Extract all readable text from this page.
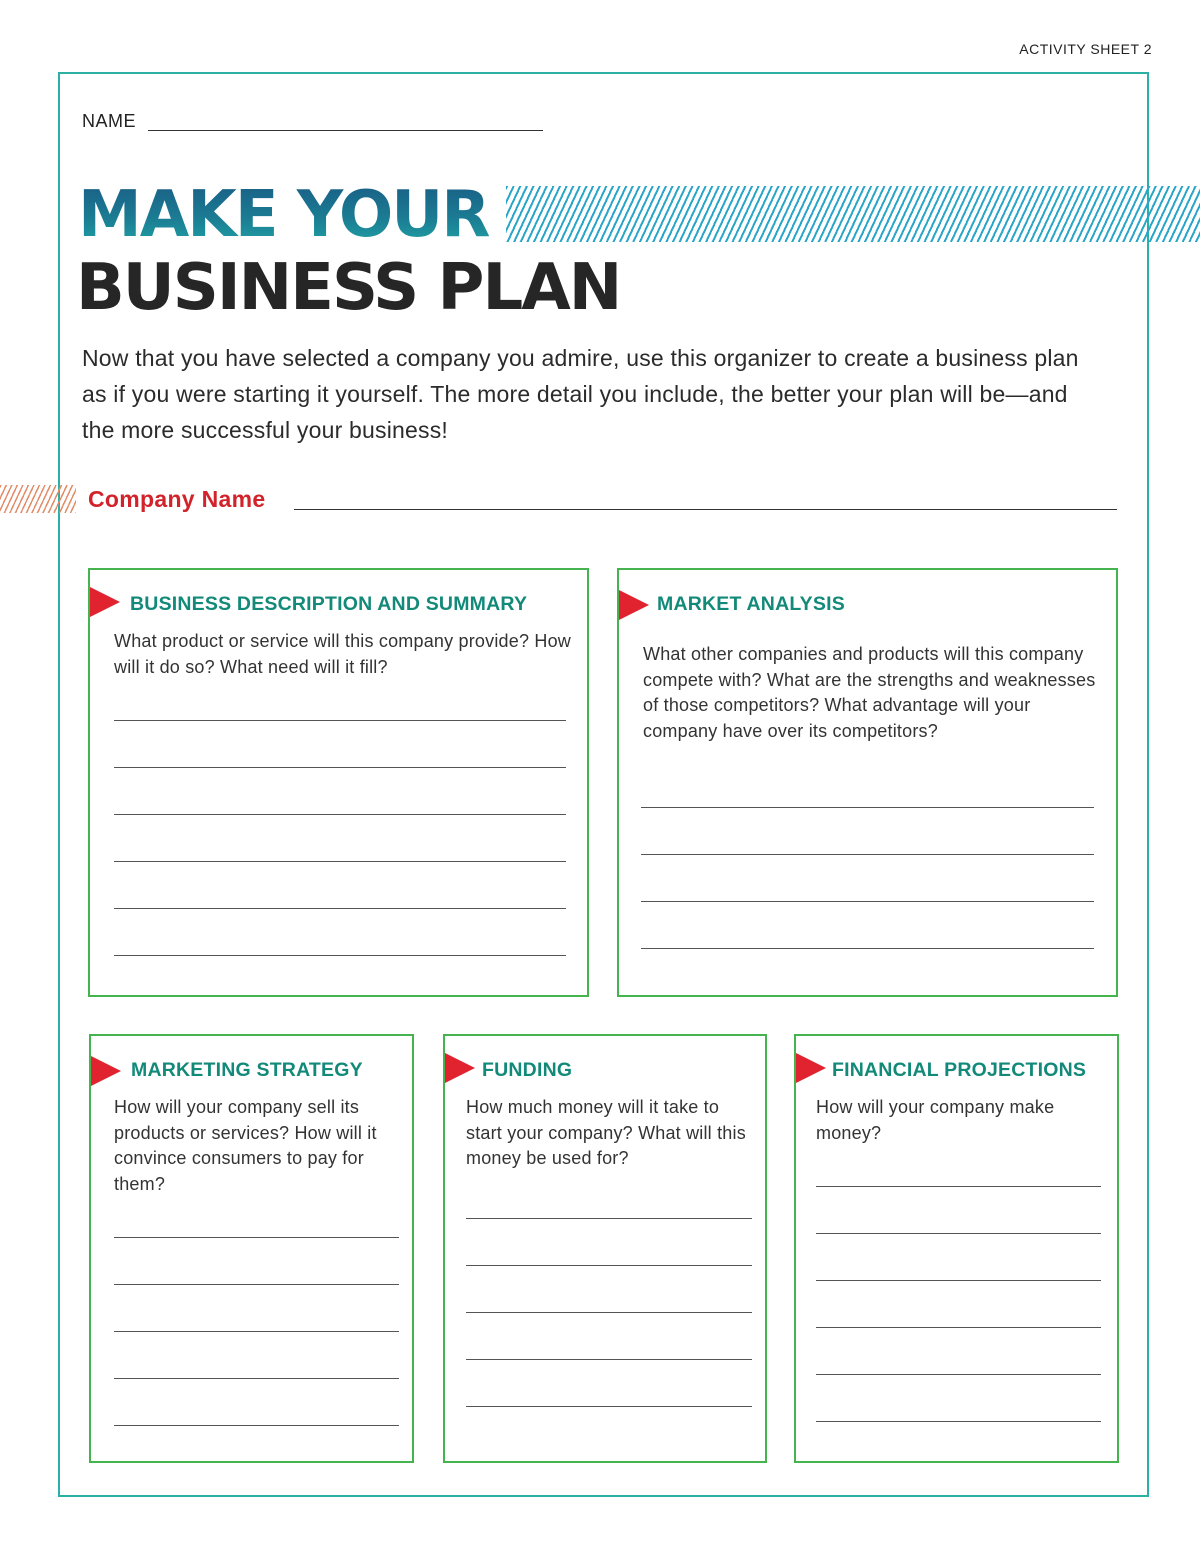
ACTIVITY SHEET 2
NAME
MAKE YOUR
BUSINESS PLAN
Now that you have selected a company you admire, use this organizer to create a business plan as if you were starting it yourself. The more detail you include, the better your plan will be—and the more successful your business!
Company Name
BUSINESS DESCRIPTION AND SUMMARY
What product or service will this company provide? How will it do so? What need will it fill?
MARKET ANALYSIS
What other companies and products will this company compete with? What are the strengths and weaknesses of those competitors? What advantage will your company have over its competitors?
MARKETING STRATEGY
How will your company sell its products or services? How will it convince consumers to pay for them?
FUNDING
How much money will it take to start your company? What will this money be used for?
FINANCIAL PROJECTIONS
How will your company make money?
